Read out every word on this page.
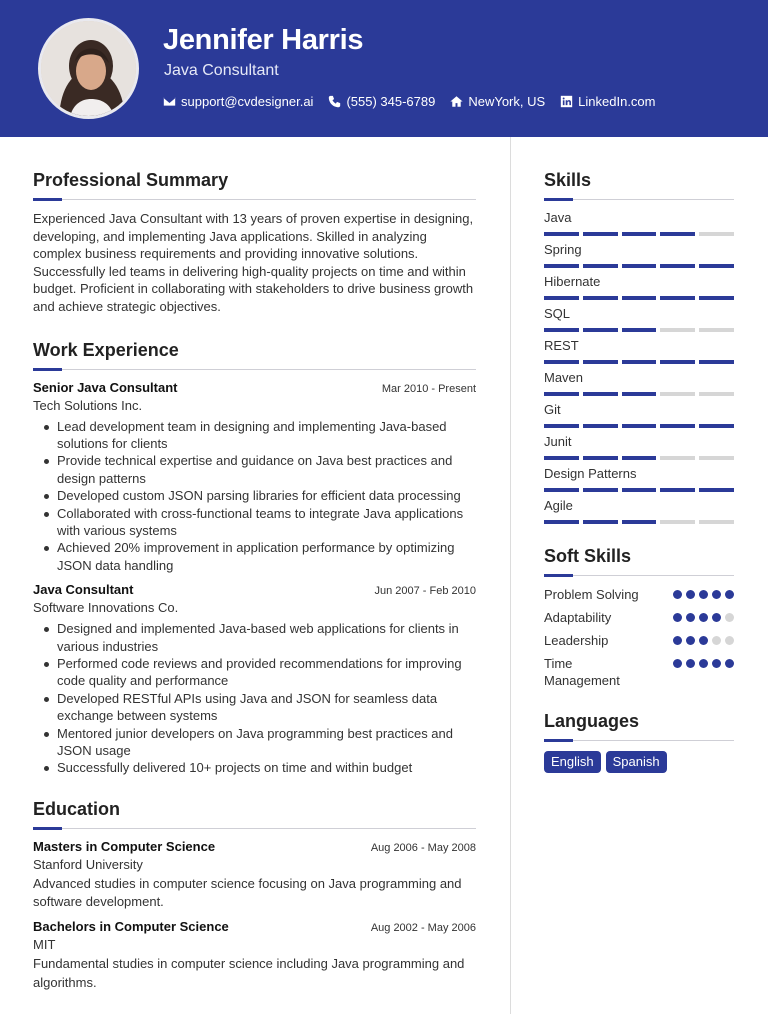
Jennifer Harris
Java Consultant
support@cvdesigner.ai	(555) 345-6789	NewYork, US	LinkedIn.com
Professional Summary

Experienced Java Consultant with 13 years of proven expertise in designing, developing, and implementing Java applications. Skilled in analyzing complex business requirements and providing innovative solutions. Successfully led teams in delivering high-quality projects on time and within budget. Proficient in collaborating with stakeholders to drive business growth and achieve strategic objectives.

Work Experience
Senior Java Consultant	Mar 2010 - Present
Tech Solutions Inc.
Lead development team in designing and implementing Java-based solutions for clients
Provide technical expertise and guidance on Java best practices and design patterns
Developed custom JSON parsing libraries for efficient data processing
Collaborated with cross-functional teams to integrate Java applications with various systems
Achieved 20% improvement in application performance by optimizing JSON data handling
Java Consultant	Jun 2007 - Feb 2010
Software Innovations Co.
Designed and implemented Java-based web applications for clients in various industries
Performed code reviews and provided recommendations for improving code quality and performance
Developed RESTful APIs using Java and JSON for seamless data exchange between systems
Mentored junior developers on Java programming best practices and JSON usage
Successfully delivered 10+ projects on time and within budget
Education
Masters in Computer Science	Aug 2006 - May 2008
Stanford University

Advanced studies in computer science focusing on Java programming and software development.

Bachelors in Computer Science	Aug 2002 - May 2006
MIT

Fundamental studies in computer science including Java programming and algorithms.

Skills
Java
Spring
Hibernate
SQL
REST
Maven
Git
Junit
Design Patterns
Agile
Soft Skills
Problem Solving
Adaptability
Leadership
Time Management
Languages
English	Spanish
